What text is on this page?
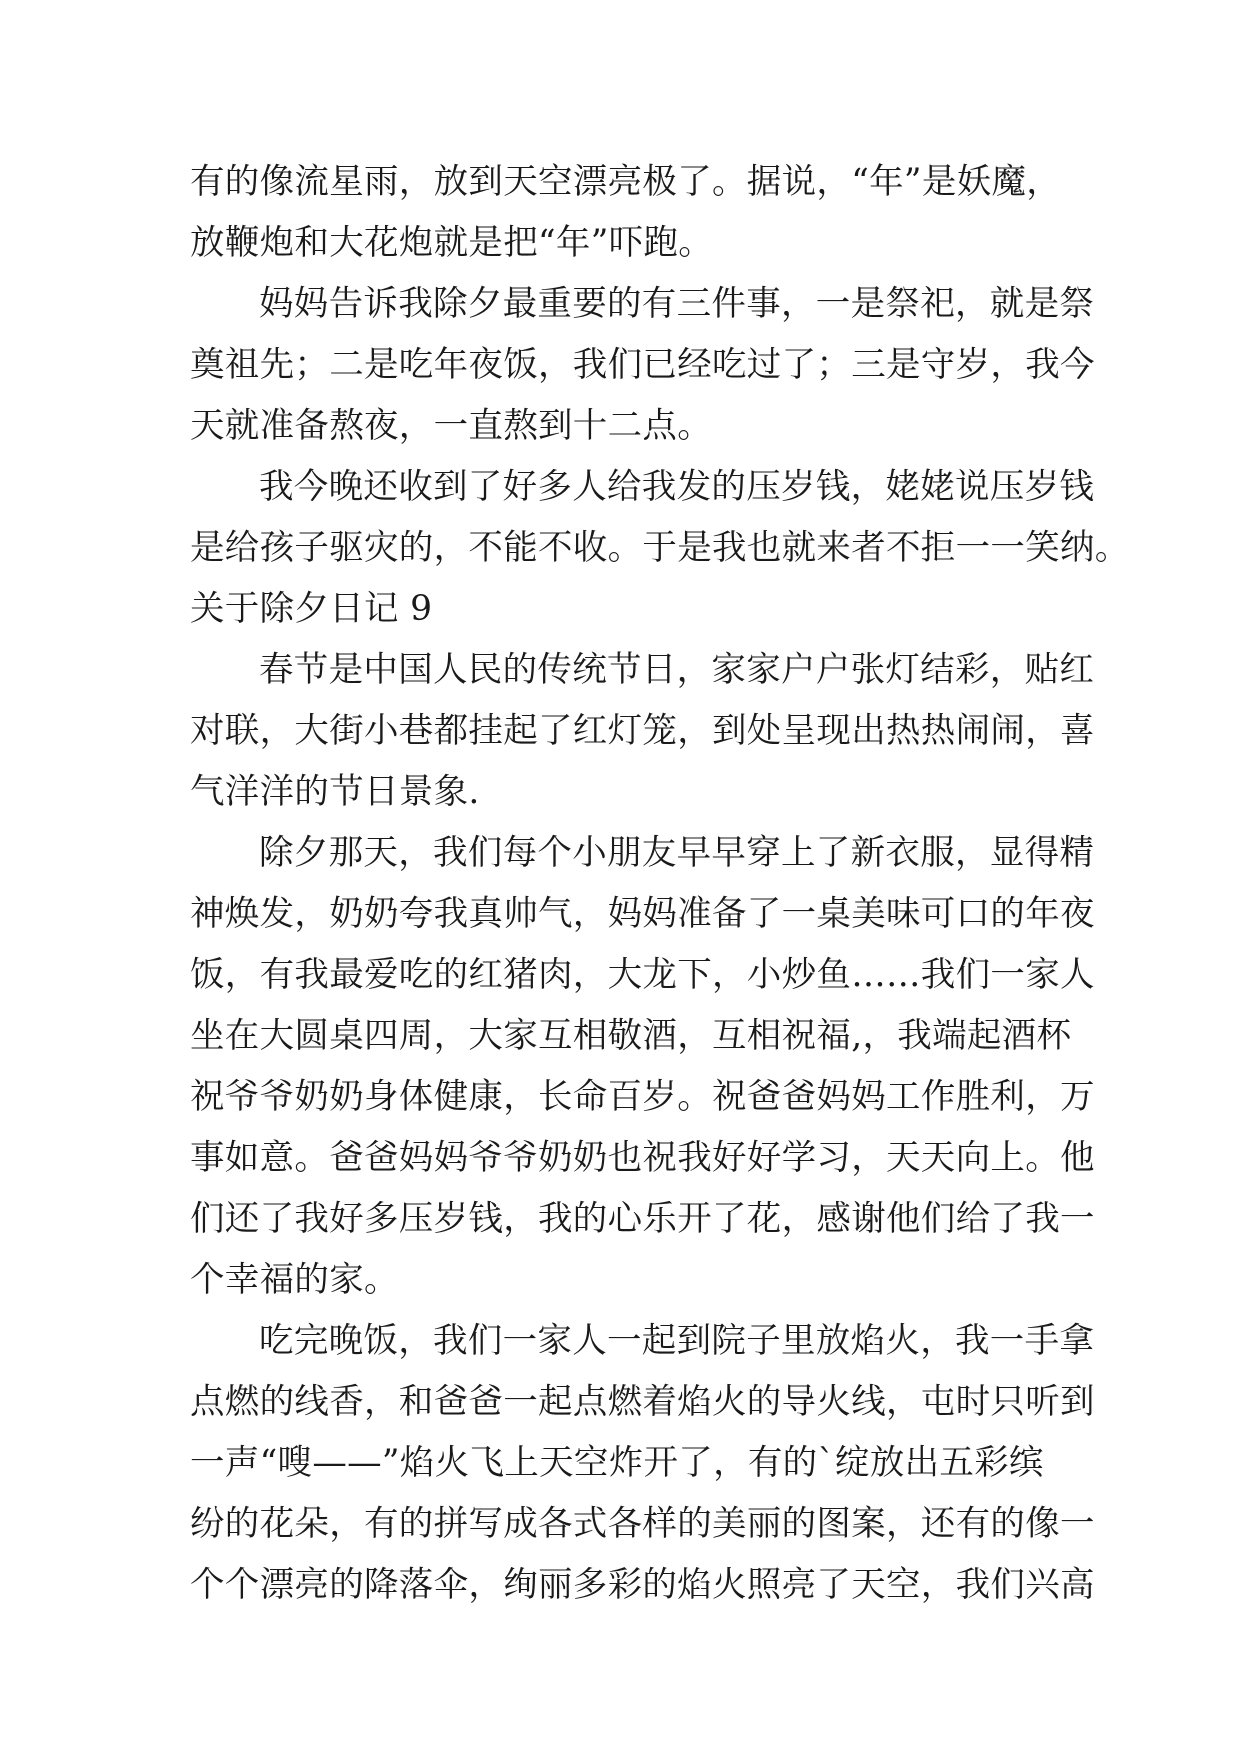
有的像流星雨，放到天空漂亮极了。据说，“年”是妖魔，
放鞭炮和大花炮就是把“年”吓跑。
妈妈告诉我除夕最重要的有三件事，一是祭祀，就是祭
奠祖先；二是吃年夜饭，我们已经吃过了；三是守岁，我今
天就准备熬夜，一直熬到十二点。
我今晚还收到了好多人给我发的压岁钱，姥姥说压岁钱
是给孩子驱灾的，不能不收。于是我也就来者不拒一一笑纳。
关于除夕日记 9
春节是中国人民的传统节日，家家户户张灯结彩，贴红
对联，大街小巷都挂起了红灯笼，到处呈现出热热闹闹，喜
气洋洋的节日景象.
除夕那天，我们每个小朋友早早穿上了新衣服，显得精
神焕发，奶奶夸我真帅气，妈妈准备了一桌美味可口的年夜
饭，有我最爱吃的红猪肉，大龙下，小炒鱼……我们一家人
坐在大圆桌四周，大家互相敬酒，互相祝福,，我端起酒杯
祝爷爷奶奶身体健康，长命百岁。祝爸爸妈妈工作胜利，万
事如意。爸爸妈妈爷爷奶奶也祝我好好学习，天天向上。他
们还了我好多压岁钱，我的心乐开了花，感谢他们给了我一
个幸福的家。
吃完晚饭，我们一家人一起到院子里放焰火，我一手拿
点燃的线香，和爸爸一起点燃着焰火的导火线，屯时只听到
一声“嗖——”焰火飞上天空炸开了，有的`绽放出五彩缤
纷的花朵，有的拼写成各式各样的美丽的图案，还有的像一
个个漂亮的降落伞，绚丽多彩的焰火照亮了天空，我们兴高
